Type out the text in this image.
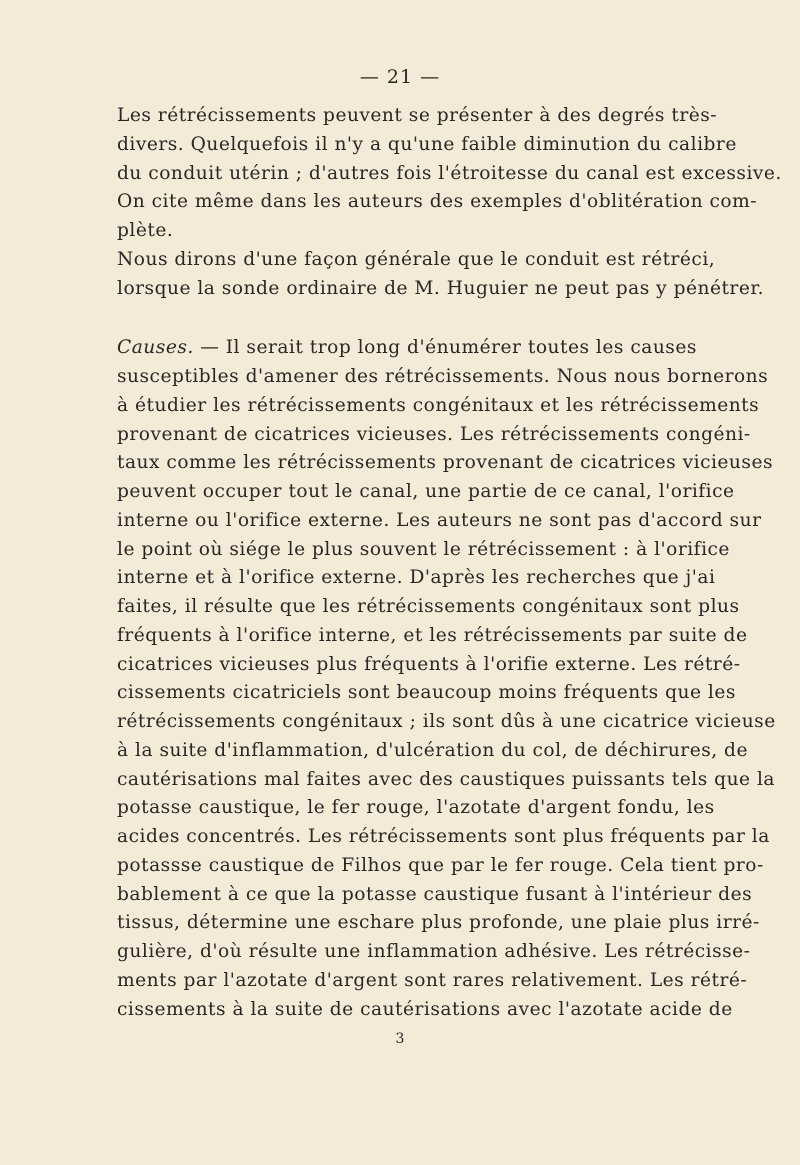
— 21 —
Les rétrécissements peuvent se présenter à des degrés très-
divers. Quelquefois il n'y a qu'une faible diminution du calibre
du conduit utérin ; d'autres fois l'étroitesse du canal est excessive.
On cite même dans les auteurs des exemples d'oblitération com-
plète.
Nous dirons d'une façon générale que le conduit est rétréci,
lorsque la sonde ordinaire de M. Huguier ne peut pas y pénétrer.
Causes. — Il serait trop long d'énumérer toutes les causes
susceptibles d'amener des rétrécissements. Nous nous bornerons
à étudier les rétrécissements congénitaux et les rétrécissements
provenant de cicatrices vicieuses. Les rétrécissements congéni-
taux comme les rétrécissements provenant de cicatrices vicieuses
peuvent occuper tout le canal, une partie de ce canal, l'orifice
interne ou l'orifice externe. Les auteurs ne sont pas d'accord sur
le point où siége le plus souvent le rétrécissement : à l'orifice
interne et à l'orifice externe. D'après les recherches que j'ai
faites, il résulte que les rétrécissements congénitaux sont plus
fréquents à l'orifice interne, et les rétrécissements par suite de
cicatrices vicieuses plus fréquents à l'orifie externe. Les rétré-
cissements cicatriciels sont beaucoup moins fréquents que les
rétrécissements congénitaux ; ils sont dûs à une cicatrice vicieuse
à la suite d'inflammation, d'ulcération du col, de déchirures, de
cautérisations mal faites avec des caustiques puissants tels que la
potasse caustique, le fer rouge, l'azotate d'argent fondu, les
acides concentrés. Les rétrécissements sont plus fréquents par la
potassse caustique de Filhos que par le fer rouge. Cela tient pro-
bablement à ce que la potasse caustique fusant à l'intérieur des
tissus, détermine une eschare plus profonde, une plaie plus irré-
gulière, d'où résulte une inflammation adhésive. Les rétrécisse-
ments par l'azotate d'argent sont rares relativement. Les rétré-
cissements à la suite de cautérisations avec l'azotate acide de
3
